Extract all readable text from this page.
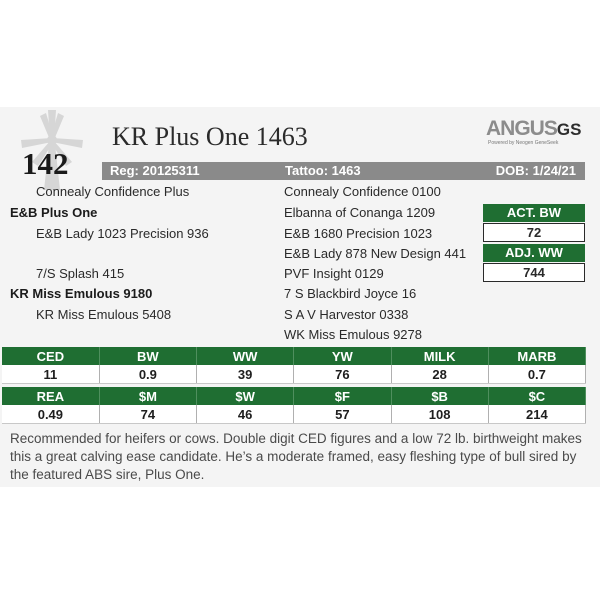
142
KR Plus One 1463	ANGUSGS
Powered by Neogen GeneSeek
Reg: 20125311	Tattoo: 1463	DOB: 1/24/21
Connealy Confidence Plus
E&B Plus One
E&B Lady 1023 Precision 936
7/S Splash 415
KR Miss Emulous 9180
KR Miss Emulous 5408
Connealy Confidence 0100
Elbanna of Conanga 1209
E&B 1680 Precision 1023
E&B Lady 878 New Design 441
PVF Insight 0129
7 S Blackbird Joyce 16
S A V Harvestor 0338
WK Miss Emulous 9278
ACT. BW
72
ADJ. WW
744
CED	BW	WW	YW	MILK	MARB
11	0.9	39	76	28	0.7
REA	$M	$W	$F	$B	$C
0.49	74	46	57	108	214
Recommended for heifers or cows. Double digit CED figures and a low 72 lb. birthweight makes this a great calving ease candidate. He’s a moderate framed, easy fleshing type of bull sired by the featured ABS sire, Plus One.
